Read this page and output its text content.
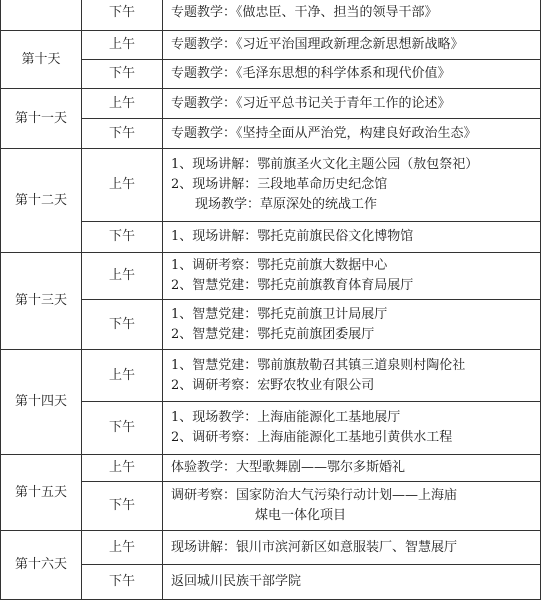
	下午	专题教学：《做忠臣、干净、担当的领导干部》

第十天	上午	专题教学：《习近平治国理政新理念新思想新战略》

	下午	专题教学：《毛泽东思想的科学体系和现代价值》

第十一天	上午	专题教学：《习近平总书记关于青年工作的论述》

	下午	专题教学：《坚持全面从严治党，构建良好政治生态》

第十二天	上午	1、现场讲解：鄂前旗圣火文化主题公园（敖包祭祀）
2、现场讲解：三段地革命历史纪念馆
现场教学：草原深处的统战工作

	下午	1、现场讲解：鄂托克前旗民俗文化博物馆

第十三天	上午	1、调研考察：鄂托克前旗大数据中心
2、智慧党建：鄂托克前旗教育体育局展厅

	下午	1、智慧党建：鄂托克前旗卫计局展厅
2、智慧党建：鄂托克前旗团委展厅

第十四天	上午	1、智慧党建：鄂前旗敖勒召其镇三道泉则村陶伦社
2、调研考察：宏野农牧业有限公司

	下午	1、现场教学：上海庙能源化工基地展厅
2、调研考察：上海庙能源化工基地引黄供水工程

第十五天	上午	体验教学：大型歌舞剧——鄂尔多斯婚礼

	下午	调研考察：国家防治大气污染行动计划——上海庙
煤电一体化项目

第十六天	上午	现场讲解：银川市滨河新区如意服装厂、智慧展厅

	下午	返回城川民族干部学院
